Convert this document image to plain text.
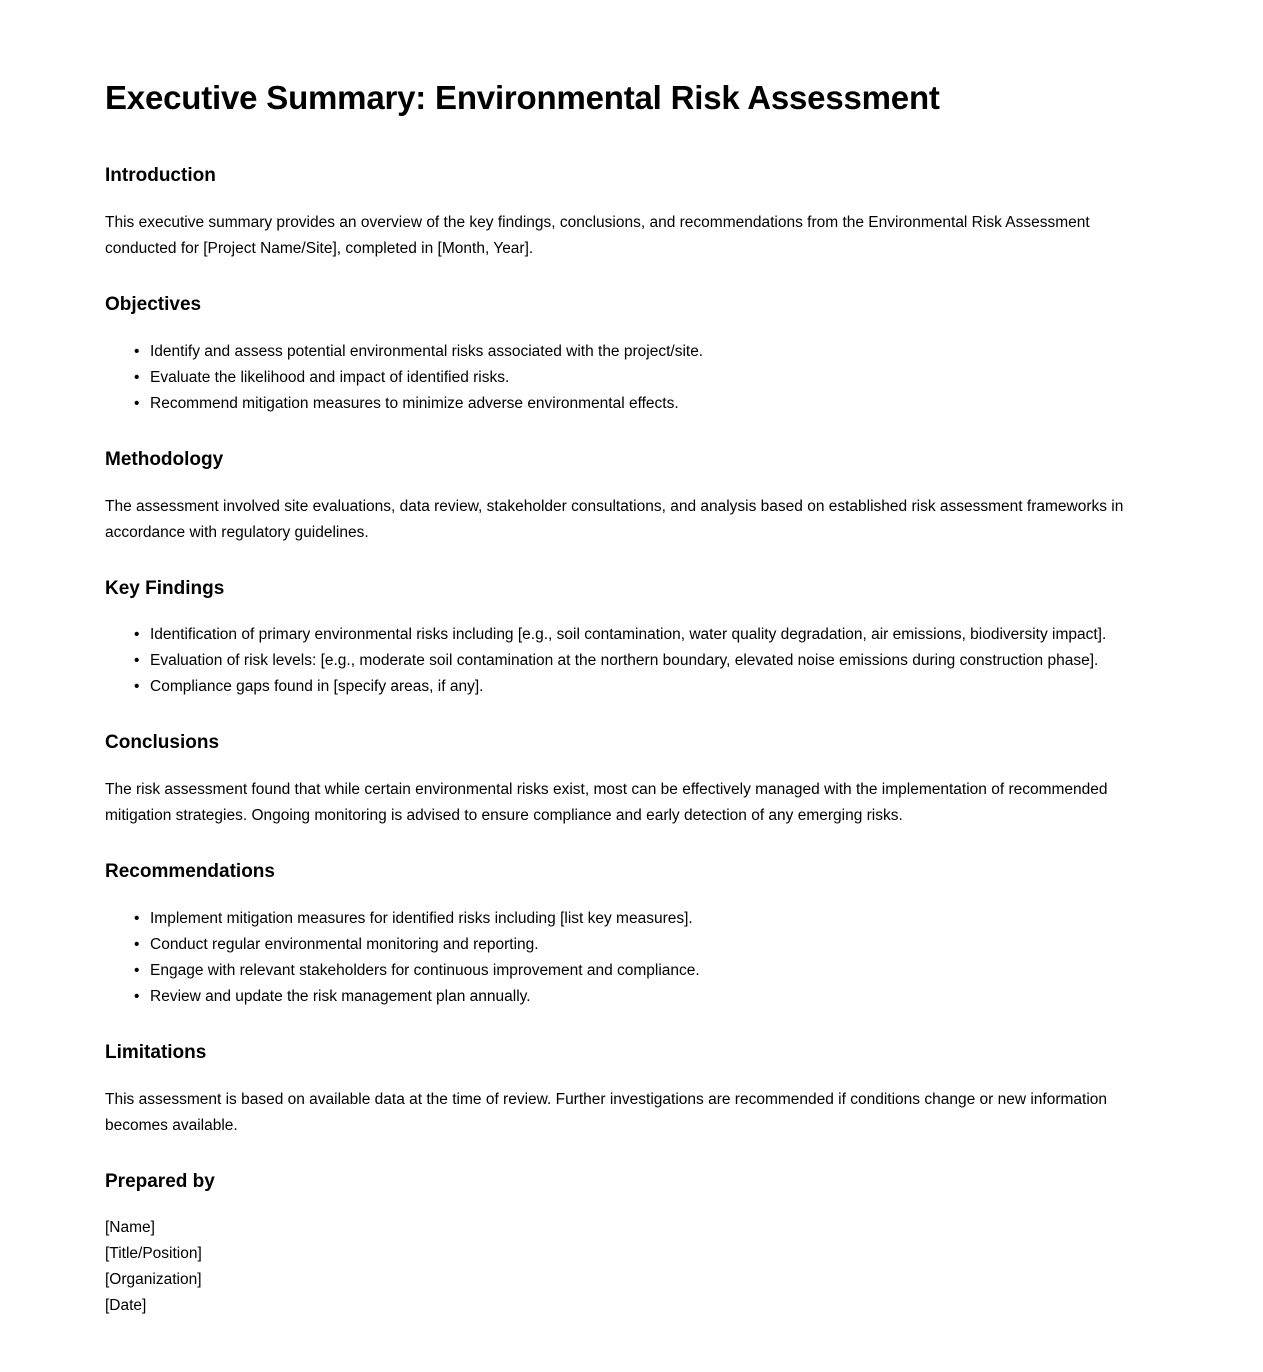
Executive Summary: Environmental Risk Assessment
Introduction

This executive summary provides an overview of the key findings, conclusions, and recommendations from the Environmental Risk Assessment conducted for [Project Name/Site], completed in [Month, Year].

Objectives
• Identify and assess potential environmental risks associated with the project/site.
• Evaluate the likelihood and impact of identified risks.
• Recommend mitigation measures to minimize adverse environmental effects.
Methodology

The assessment involved site evaluations, data review, stakeholder consultations, and analysis based on established risk assessment frameworks in accordance with regulatory guidelines.

Key Findings
• Identification of primary environmental risks including [e.g., soil contamination, water quality degradation, air emissions, biodiversity impact].
• Evaluation of risk levels: [e.g., moderate soil contamination at the northern boundary, elevated noise emissions during construction phase].
• Compliance gaps found in [specify areas, if any].
Conclusions

The risk assessment found that while certain environmental risks exist, most can be effectively managed with the implementation of recommended mitigation strategies. Ongoing monitoring is advised to ensure compliance and early detection of any emerging risks.

Recommendations
• Implement mitigation measures for identified risks including [list key measures].
• Conduct regular environmental monitoring and reporting.
• Engage with relevant stakeholders for continuous improvement and compliance.
• Review and update the risk management plan annually.
Limitations

This assessment is based on available data at the time of review. Further investigations are recommended if conditions change or new information becomes available.

Prepared by
[Name]
[Title/Position]
[Organization]
[Date]
